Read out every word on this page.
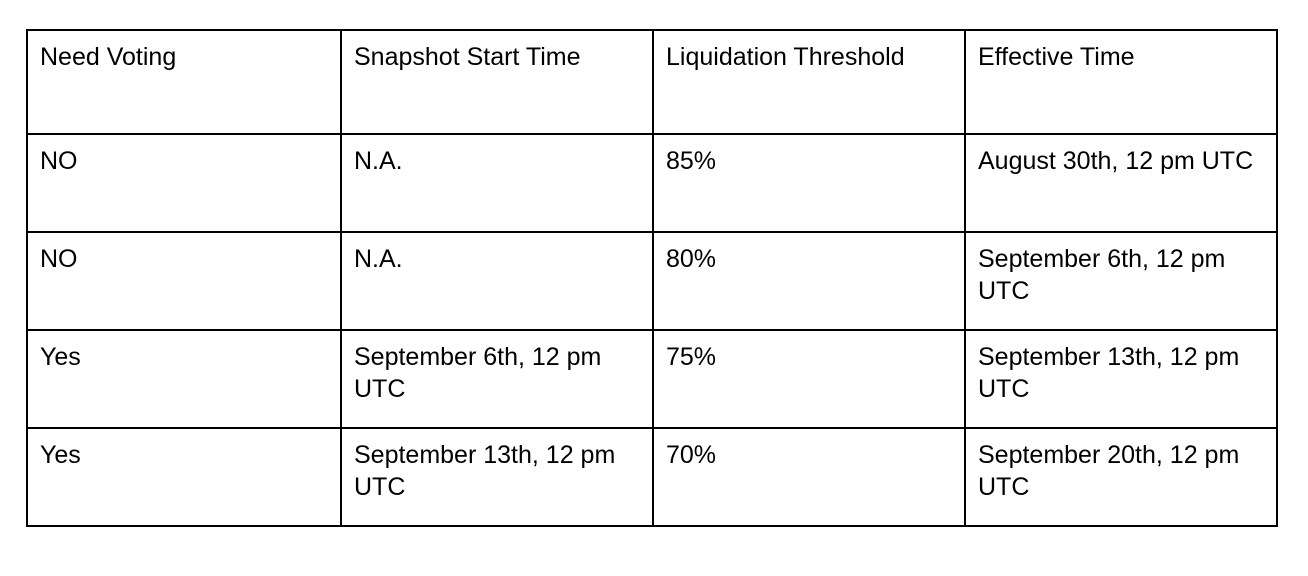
Need Voting	Snapshot Start Time	Liquidation Threshold	Effective Time
NO	N.A.	85%	August 30th, 12 pm UTC
NO	N.A.	80%	September 6th, 12 pm UTC
Yes	September 6th, 12 pm UTC	75%	September 13th, 12 pm UTC
Yes	September 13th, 12 pm UTC	70%	September 20th, 12 pm UTC
